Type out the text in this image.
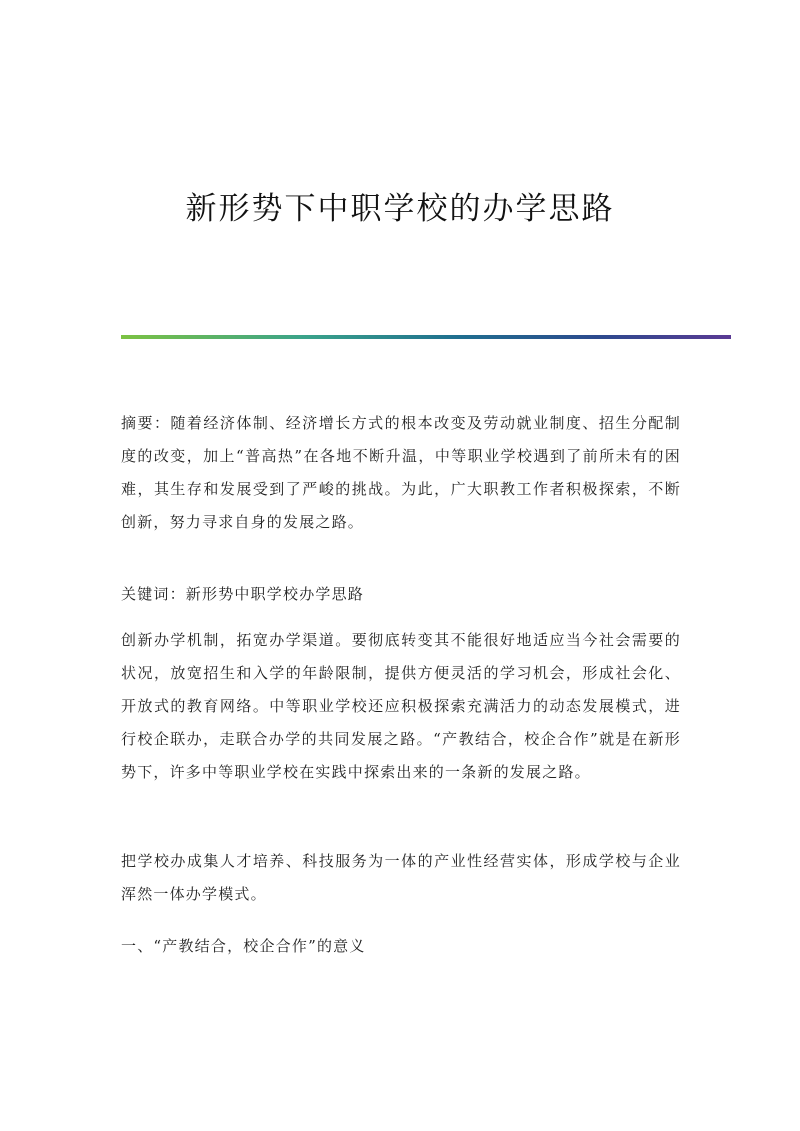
新形势下中职学校的办学思路

摘要：随着经济体制、经济增长方式的根本改变及劳动就业制度、招生分配制度的改变，加上“普高热”在各地不断升温，中等职业学校遇到了前所未有的困难，其生存和发展受到了严峻的挑战。为此，广大职教工作者积极探索，不断创新，努力寻求自身的发展之路。

关键词：新形势中职学校办学思路

创新办学机制，拓宽办学渠道。要彻底转变其不能很好地适应当今社会需要的状况，放宽招生和入学的年龄限制，提供方便灵活的学习机会，形成社会化、开放式的教育网络。中等职业学校还应积极探索充满活力的动态发展模式，进行校企联办，走联合办学的共同发展之路。“产教结合，校企合作”就是在新形势下，许多中等职业学校在实践中探索出来的一条新的发展之路。

把学校办成集人才培养、科技服务为一体的产业性经营实体，形成学校与企业浑然一体办学模式。

一、“产教结合，校企合作”的意义
